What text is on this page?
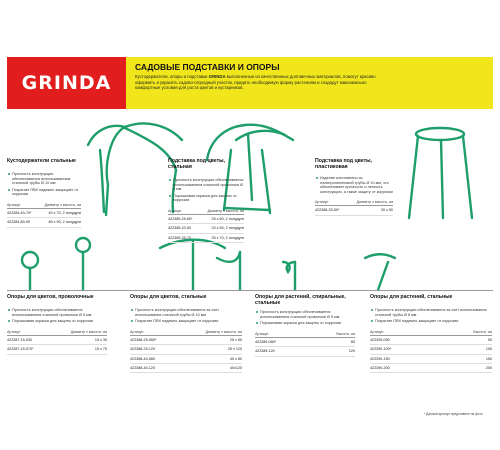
GRINDA
САДОВЫЕ ПОДСТАВКИ И ОПОРЫ
Кустодержатели, опоры и подставки GRINDA выполненные из качественных долговечных материалов, помогут красиво оформить и украсить садово-огородный участок, придать необходимую форму растениям и создадут максимально комфортные условия для роста цветов и кустарников.
Кустодержатели стальные
Прочность конструкции обеспечивается использованием стальной трубы Ø 10 мм
Покрытие ПВХ надежно защищает от коррозии
Артикул	Диаметр х высота, см
422384-40-70*	40 х 70, 2 полудуги
422384-80-90	80 х 90, 2 полудуги
Подставка под цветы, стальная
Прочность конструкции обеспечивается использованием стальной проволоки Ø 5 мм
Порошковая окраска для защиты от коррозии
Артикул	Диаметр х высота, см
422385-25-60*	25 х 60, 2 полудуги
422385-33-50	33 х 50, 2 полудуги
422385-35-70	35 х 70, 2 полудуги
Подставка под цветы, пластиковая
Изделие изготовлено из полипропиленовой трубы Ø 10 мм, что обеспечивает прочность и легкость конструкции, а также защиту от коррозии
Артикул	Диаметр х высота, см
422386-30-50*	30 х 50
Опоры для цветов, проволочные
Прочность конструкции обеспечивается использованием стальной проволоки Ø 5 мм
Порошковая окраска для защиты от коррозии
Артикул	Диаметр х высота, см
422387-15-030	15 х 30
422387-15-070*	15 х 70
Опоры для цветов, стальные
Прочность конструкции обеспечивается за счет использования стальной трубы Ø 10 мм
Покрытие ПВХ надежно защищает от коррозии
Артикул	Диаметр х высота, см
422388-25-065*	25 х 65
422388-25-120	25 х 120
422388-40-080	40 х 80
422388-40-120	40х120
Опоры для растений, спиральные, стальные
Прочность конструкции обеспечивается использованием стальной проволоки Ø 5 мм
Порошковая окраска для защиты от коррозии
Артикул	Высота, см
422389-080*	80
422389-120	120
Опоры для растений, стальные
Прочность конструкции обеспечивается за счет использования стальной трубы Ø 8 мм
Покрытие ПВХ надежно защищает от коррозии
Артикул	Высота, см
422390-050	50
422390-100*	100
422390-150	150
422390-200	200
* Данный артикул представлен на фото
